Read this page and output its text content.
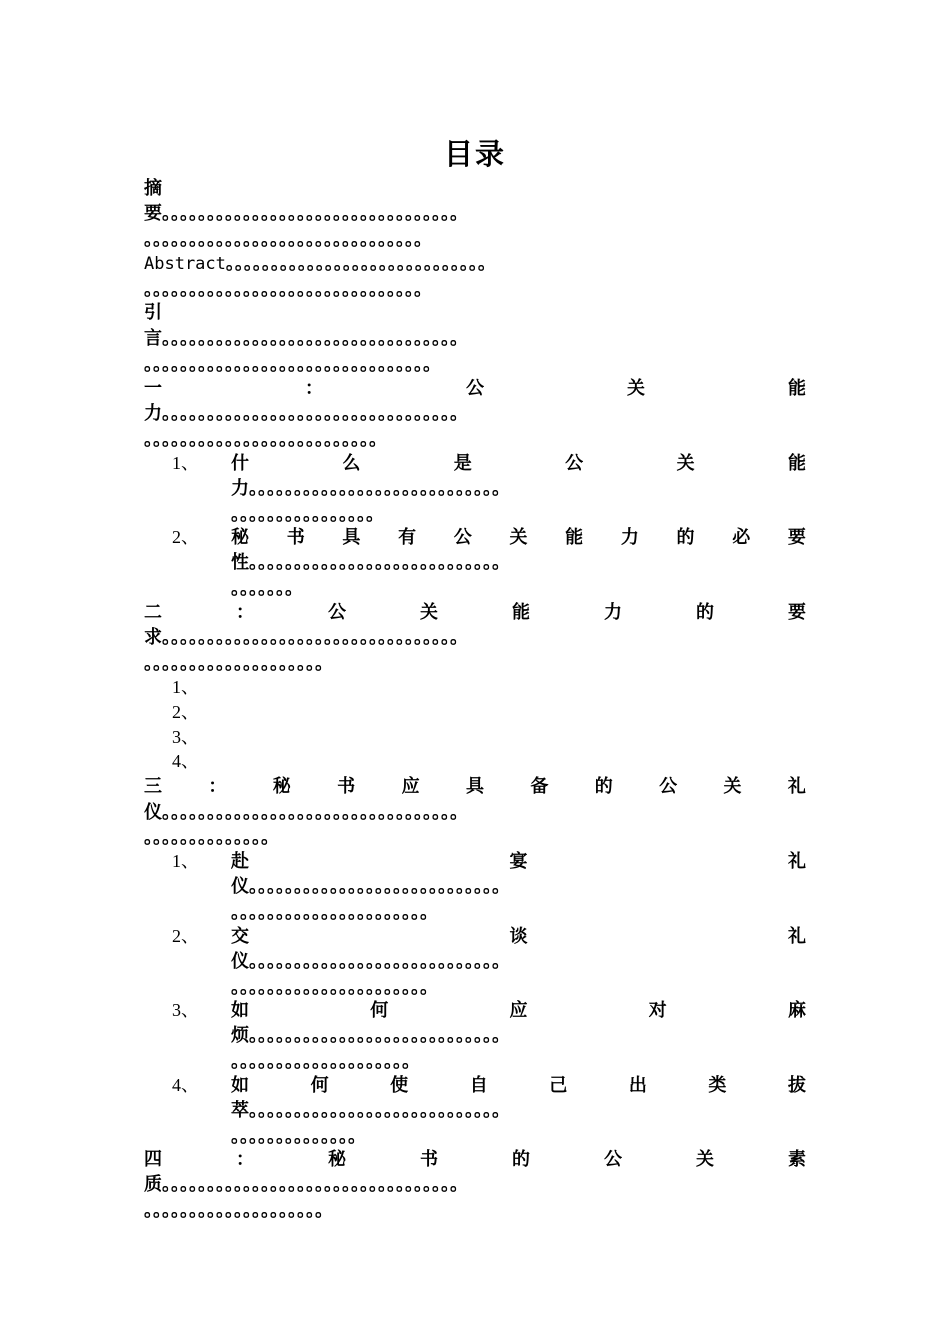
目录
摘
要。。。。。。。。。。。。。。。。。。。。。。。。。。。。。。。。。
。。。。。。。。。。。。。。。。。。。。。。。。。。。。。。。
Abstract。。。。。。。。。。。。。。。。。。。。。。。。。。。。。
。。。。。。。。。。。。。。。。。。。。。。。。。。。。。。。
引
言。。。。。。。。。。。。。。。。。。。。。。。。。。。。。。。。。
。。。。。。。。。。。。。。。。。。。。。。。。。。。。。。。。
一	：	公	关	能
力。。。。。。。。。。。。。。。。。。。。。。。。。。。。。。。。。
。。。。。。。。。。。。。。。。。。。。。。。。。。
1、 什	么	是	公	关	能
力。。。。。。。。。。。。。。。。。。。。。。。。。。。。
。。。。。。。。。。。。。。。。
2、 秘 书 具 有 公 关 能 力 的 必 要
性。。。。。。。。。。。。。。。。。。。。。。。。。。。。
。。。。。。。
二	：	公	关	能	力	的	要
求。。。。。。。。。。。。。。。。。。。。。。。。。。。。。。。。。
。。。。。。。。。。。。。。。。。。。。
1、
2、
3、
4、
三	：	秘	书	应	具	备	的	公	关	礼
仪。。。。。。。。。。。。。。。。。。。。。。。。。。。。。。。。。
。。。。。。。。。。。。。。
1、 赴	宴	礼
仪。。。。。。。。。。。。。。。。。。。。。。。。。。。。
。。。。。。。。。。。。。。。。。。。。。。
2、 交	谈	礼
仪。。。。。。。。。。。。。。。。。。。。。。。。。。。。
。。。。。。。。。。。。。。。。。。。。。。
3、 如	何	应	对	麻
烦。。。。。。。。。。。。。。。。。。。。。。。。。。。。
。。。。。。。。。。。。。。。。。。。。
4、 如	何	使	自	己	出	类	拔
萃。。。。。。。。。。。。。。。。。。。。。。。。。。。。
。。。。。。。。。。。。。。
四	：	秘	书	的	公	关	素
质。。。。。。。。。。。。。。。。。。。。。。。。。。。。。。。。。
。。。。。。。。。。。。。。。。。。。。
